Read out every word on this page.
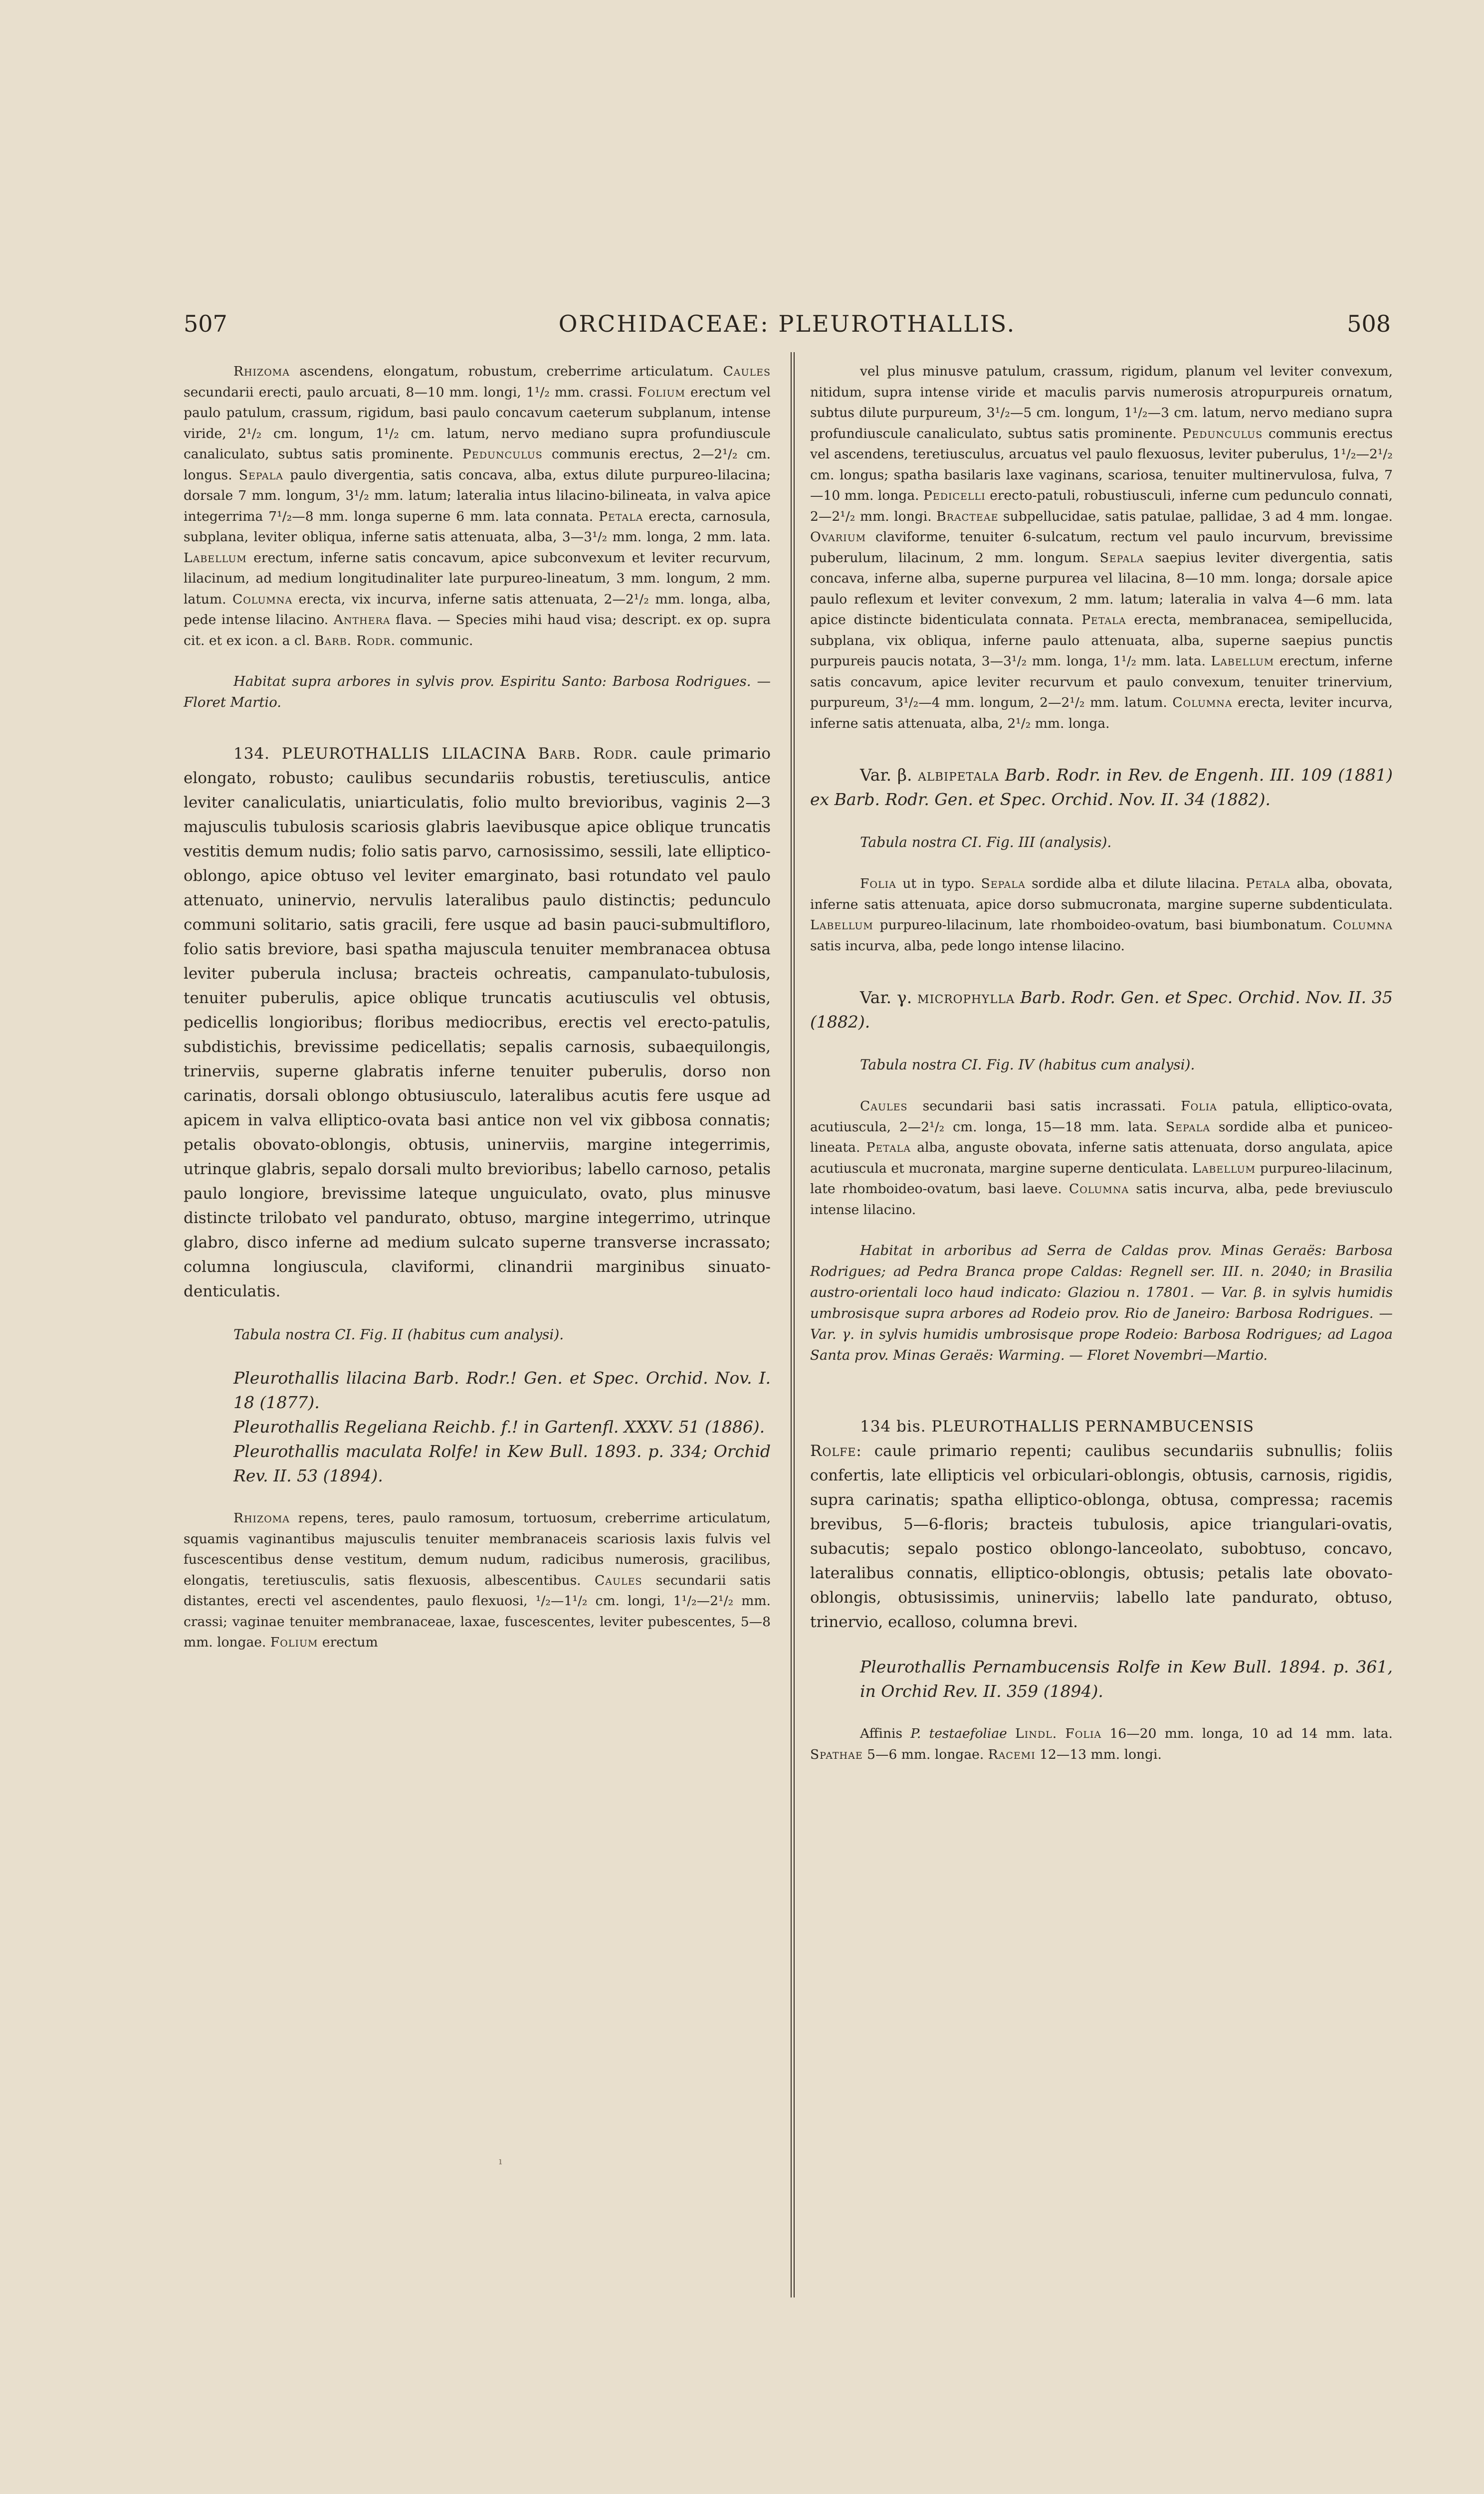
507	ORCHIDACEAE: PLEUROTHALLIS.	508

Rhizoma ascendens, elongatum, robustum, creberrime articulatum. Caules secundarii erecti, paulo arcuati, 8—10 mm. longi, 1¹/₂ mm. crassi. Folium erectum vel paulo patulum, crassum, rigidum, basi paulo concavum caeterum subplanum, intense viride, 2¹/₂ cm. longum, 1¹/₂ cm. latum, nervo mediano supra profundiuscule canaliculato, subtus satis prominente. Pedunculus communis erectus, 2—2¹/₂ cm. longus. Sepala paulo divergentia, satis concava, alba, extus dilute purpureo-lilacina; dorsale 7 mm. longum, 3¹/₂ mm. latum; lateralia intus lilacino-bilineata, in valva apice integerrima 7¹/₂—8 mm. longa superne 6 mm. lata connata. Petala erecta, carnosula, subplana, leviter obliqua, inferne satis attenuata, alba, 3—3¹/₂ mm. longa, 2 mm. lata. Labellum erectum, inferne satis concavum, apice subconvexum et leviter recurvum, lilacinum, ad medium longitudinaliter late purpureo-lineatum, 3 mm. longum, 2 mm. latum. Columna erecta, vix incurva, inferne satis attenuata, 2—2¹/₂ mm. longa, alba, pede intense lilacino. Anthera flava. — Species mihi haud visa; descript. ex op. supra cit. et ex icon. a cl. Barb. Rodr. communic.

Habitat supra arbores in sylvis prov. Espiritu Santo: Barbosa Rodrigues. — Floret Martio.

134. PLEUROTHALLIS LILACINA Barb. Rodr. caule primario elongato, robusto; caulibus secundariis robustis, teretiusculis, antice leviter canaliculatis, uniarticulatis, folio multo brevioribus, vaginis 2—3 majusculis tubulosis scariosis glabris laevibusque apice oblique truncatis vestitis demum nudis; folio satis parvo, carnosissimo, sessili, late elliptico-oblongo, apice obtuso vel leviter emarginato, basi rotundato vel paulo attenuato, uninervio, nervulis lateralibus paulo distinctis; pedunculo communi solitario, satis gracili, fere usque ad basin pauci-submultifloro, folio satis breviore, basi spatha majuscula tenuiter membranacea obtusa leviter puberula inclusa; bracteis ochreatis, campanulato-tubulosis, tenuiter puberulis, apice oblique truncatis acutiusculis vel obtusis, pedicellis longioribus; floribus mediocribus, erectis vel erecto-patulis, subdistichis, brevissime pedicellatis; sepalis carnosis, subaequilongis, trinerviis, superne glabratis inferne tenuiter puberulis, dorso non carinatis, dorsali oblongo obtusiusculo, lateralibus acutis fere usque ad apicem in valva elliptico-ovata basi antice non vel vix gibbosa connatis; petalis obovato-oblongis, obtusis, uninerviis, margine integerrimis, utrinque glabris, sepalo dorsali multo brevioribus; labello carnoso, petalis paulo longiore, brevissime lateque unguiculato, ovato, plus minusve distincte trilobato vel pandurato, obtuso, margine integerrimo, utrinque glabro, disco inferne ad medium sulcato superne transverse incrassato; columna longiuscula, claviformi, clinandrii marginibus sinuato-denticulatis.

Tabula nostra CI. Fig. II (habitus cum analysi).

Pleurothallis lilacina Barb. Rodr.! Gen. et Spec. Orchid. Nov. I. 18 (1877).

Pleurothallis Regeliana Reichb. f.! in Gartenfl. XXXV. 51 (1886).

Pleurothallis maculata Rolfe! in Kew Bull. 1893. p. 334; Orchid Rev. II. 53 (1894).

Rhizoma repens, teres, paulo ramosum, tortuosum, creberrime articulatum, squamis vaginantibus majusculis tenuiter membranaceis scariosis laxis fulvis vel fuscescentibus dense vestitum, demum nudum, radicibus numerosis, gracilibus, elongatis, teretiusculis, satis flexuosis, albescentibus. Caules secundarii satis distantes, erecti vel ascendentes, paulo flexuosi, ¹/₂—1¹/₂ cm. longi, 1¹/₂—2¹/₂ mm. crassi; vaginae tenuiter membranaceae, laxae, fuscescentes, leviter pubescentes, 5—8 mm. longae. Folium erectum

vel plus minusve patulum, crassum, rigidum, planum vel leviter convexum, nitidum, supra intense viride et maculis parvis numerosis atropurpureis ornatum, subtus dilute purpureum, 3¹/₂—5 cm. longum, 1¹/₂—3 cm. latum, nervo mediano supra profundiuscule canaliculato, subtus satis prominente. Pedunculus communis erectus vel ascendens, teretiusculus, arcuatus vel paulo flexuosus, leviter puberulus, 1¹/₂—2¹/₂ cm. longus; spatha basilaris laxe vaginans, scariosa, tenuiter multinervulosa, fulva, 7—10 mm. longa. Pedicelli erecto-patuli, robustiusculi, inferne cum pedunculo connati, 2—2¹/₂ mm. longi. Bracteae subpellucidae, satis patulae, pallidae, 3 ad 4 mm. longae. Ovarium claviforme, tenuiter 6-sulcatum, rectum vel paulo incurvum, brevissime puberulum, lilacinum, 2 mm. longum. Sepala saepius leviter divergentia, satis concava, inferne alba, superne purpurea vel lilacina, 8—10 mm. longa; dorsale apice paulo reflexum et leviter convexum, 2 mm. latum; lateralia in valva 4—6 mm. lata apice distincte bidenticulata connata. Petala erecta, membranacea, semipellucida, subplana, vix obliqua, inferne paulo attenuata, alba, superne saepius punctis purpureis paucis notata, 3—3¹/₂ mm. longa, 1¹/₂ mm. lata. Labellum erectum, inferne satis concavum, apice leviter recurvum et paulo convexum, tenuiter trinervium, purpureum, 3¹/₂—4 mm. longum, 2—2¹/₂ mm. latum. Columna erecta, leviter incurva, inferne satis attenuata, alba, 2¹/₂ mm. longa.

Var. β. albipetala Barb. Rodr. in Rev. de Engenh. III. 109 (1881) ex Barb. Rodr. Gen. et Spec. Orchid. Nov. II. 34 (1882).

Tabula nostra CI. Fig. III (analysis).

Folia ut in typo. Sepala sordide alba et dilute lilacina. Petala alba, obovata, inferne satis attenuata, apice dorso submucronata, margine superne subdenticulata. Labellum purpureo-lilacinum, late rhomboideo-ovatum, basi biumbonatum. Columna satis incurva, alba, pede longo intense lilacino.

Var. γ. microphylla Barb. Rodr. Gen. et Spec. Orchid. Nov. II. 35 (1882).

Tabula nostra CI. Fig. IV (habitus cum analysi).

Caules secundarii basi satis incrassati. Folia patula, elliptico-ovata, acutiuscula, 2—2¹/₂ cm. longa, 15—18 mm. lata. Sepala sordide alba et puniceo-lineata. Petala alba, anguste obovata, inferne satis attenuata, dorso angulata, apice acutiuscula et mucronata, margine superne denticulata. Labellum purpureo-lilacinum, late rhomboideo-ovatum, basi laeve. Columna satis incurva, alba, pede breviusculo intense lilacino.

Habitat in arboribus ad Serra de Caldas prov. Minas Geraës: Barbosa Rodrigues; ad Pedra Branca prope Caldas: Regnell ser. III. n. 2040; in Brasilia austro-orientali loco haud indicato: Glaziou n. 17801. — Var. β. in sylvis humidis umbrosisque supra arbores ad Rodeio prov. Rio de Janeiro: Barbosa Rodrigues. — Var. γ. in sylvis humidis umbrosisque prope Rodeio: Barbosa Rodrigues; ad Lagoa Santa prov. Minas Geraës: Warming. — Floret Novembri—Martio.

134 bis. PLEUROTHALLIS PERNAMBUCENSIS

Rolfe: caule primario repenti; caulibus secundariis subnullis; foliis confertis, late ellipticis vel orbiculari-oblongis, obtusis, carnosis, rigidis, supra carinatis; spatha elliptico-oblonga, obtusa, compressa; racemis brevibus, 5—6-floris; bracteis tubulosis, apice triangulari-ovatis, subacutis; sepalo postico oblongo-lanceolato, subobtuso, concavo, lateralibus connatis, elliptico-oblongis, obtusis; petalis late obovato-oblongis, obtusissimis, uninerviis; labello late pandurato, obtuso, trinervio, ecalloso, columna brevi.

Pleurothallis Pernambucensis Rolfe in Kew Bull. 1894. p. 361, in Orchid Rev. II. 359 (1894).

Affinis P. testaefoliae Lindl. Folia 16—20 mm. longa, 10 ad 14 mm. lata. Spathae 5—6 mm. longae. Racemi 12—13 mm. longi.

ı
